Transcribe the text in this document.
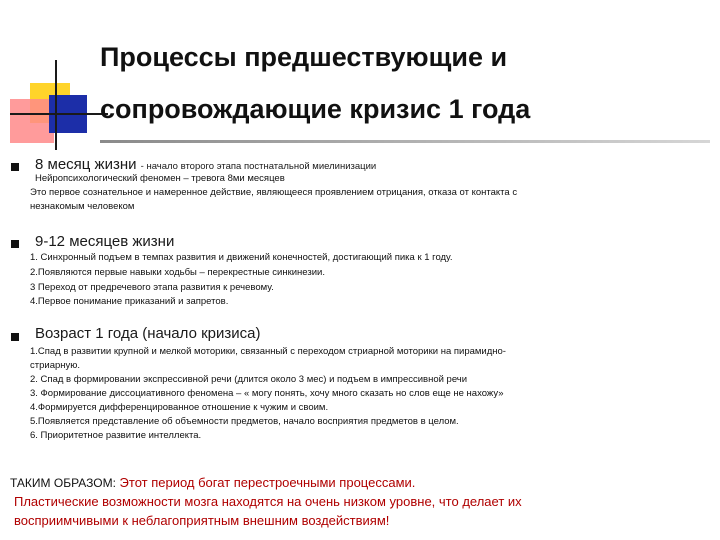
Процессы предшествующие и
сопровождающие кризис 1 года
8 месяц жизни - начало второго этапа постнатальной миелинизации
Нейропсихологический феномен – тревога 8ми месяцев
Это первое сознательное и намеренное действие, являющееся проявлением отрицания, отказа от контакта с
незнакомым человеком
9-12 месяцев жизни
1. Синхронный подъем в темпах развития и движений конечностей, достигающий пика к 1 году.
2.Появляются первые навыки ходьбы – перекрестные синкинезии.
3 Переход от предречевого этапа развития к речевому.
4.Первое понимание приказаний и запретов.
Возраст 1 года (начало кризиса)
1.Спад в развитии крупной и мелкой моторики, связанный с переходом стриарной моторики на пирамидно-
стриарную.
2. Спад в формировании экспрессивной речи (длится около 3 мес) и подъем в импрессивной речи
3. Формирование диссоциативного феномена – « могу понять, хочу много сказать но слов еще не нахожу»
4.Формируется дифференцированное отношение к чужим и своим.
5.Появляется представление об объемности предметов, начало восприятия предметов в целом.
6. Приоритетное развитие интеллекта.
ТАКИМ ОБРАЗОМ: Этот период богат перестроечными процессами.
Пластические возможности мозга находятся на очень низком уровне, что делает их
восприимчивыми к неблагоприятным внешним воздействиям!
